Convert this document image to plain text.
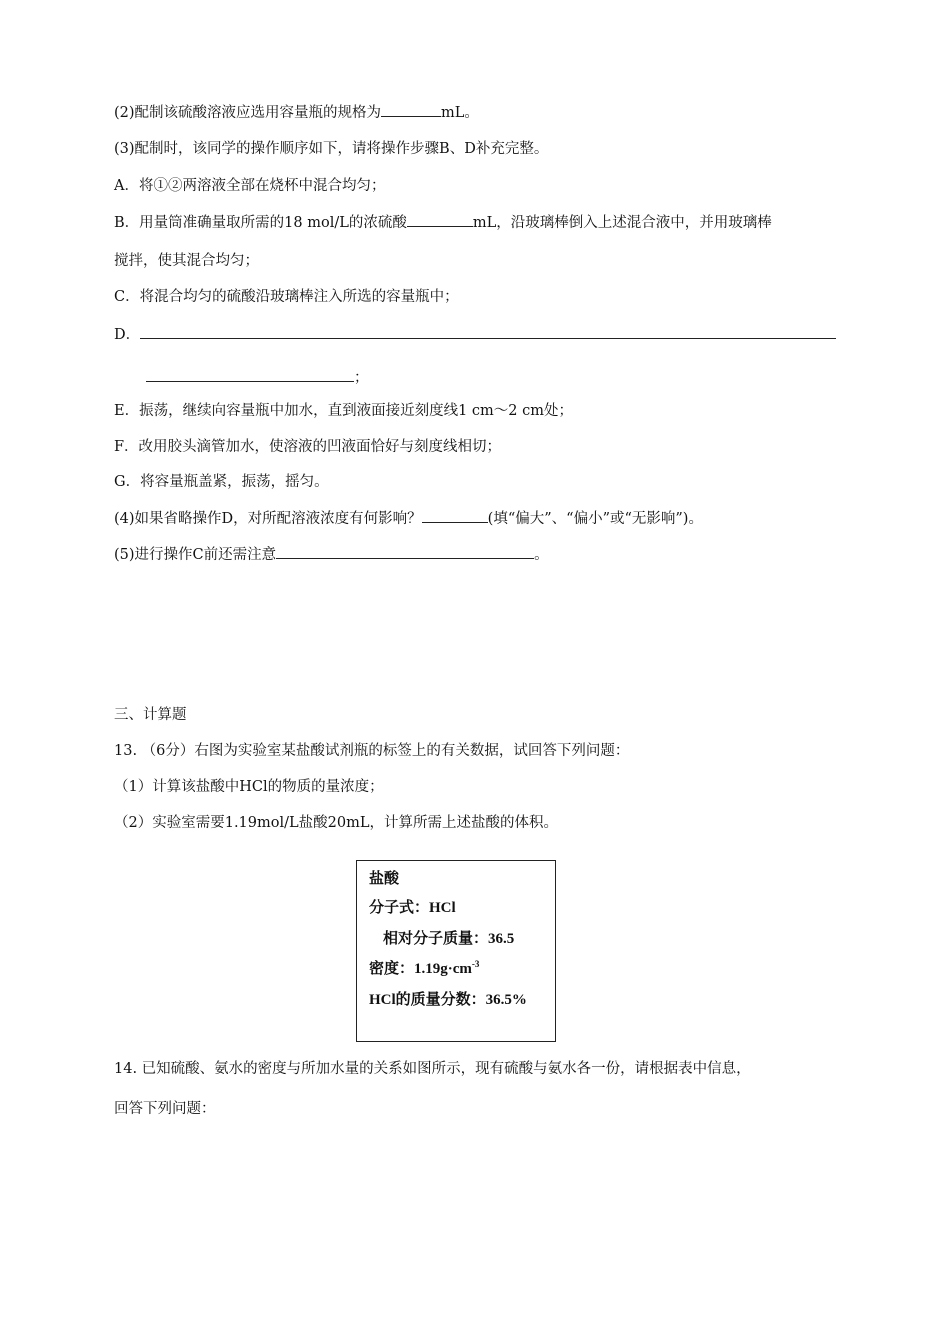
(2)配制该硫酸溶液应选用容量瓶的规格为	mL。
(3)配制时，该同学的操作顺序如下，请将操作步骤B、D补充完整。
A．将①②两溶液全部在烧杯中混合均匀；
B．用量筒准确量取所需的18 mol/L的浓硫酸	mL，沿玻璃棒倒入上述混合液中，并用玻璃棒
搅拌，使其混合均匀；
C．将混合均匀的硫酸沿玻璃棒注入所选的容量瓶中；
D．
；
E．振荡，继续向容量瓶中加水，直到液面接近刻度线1 cm～2 cm处；
F．改用胶头滴管加水，使溶液的凹液面恰好与刻度线相切；
G．将容量瓶盖紧，振荡，摇匀。
(4)如果省略操作D，对所配溶液浓度有何影响？	(填“偏大”、“偏小”或“无影响”)。
(5)进行操作C前还需注意	。
三、计算题
13. （6分）右图为实验室某盐酸试剂瓶的标签上的有关数据，试回答下列问题：
（1）计算该盐酸中HCl的物质的量浓度；
（2）实验室需要1.19mol/L盐酸20mL，计算所需上述盐酸的体积。
盐酸
分子式：HCl
相对分子质量：36.5
密度：$1.19g\cdot cm^{-3}$
HCl的质量分数：36.5%
14. 已知硫酸、氨水的密度与所加水量的关系如图所示，现有硫酸与氨水各一份，请根据表中信息，
回答下列问题：
